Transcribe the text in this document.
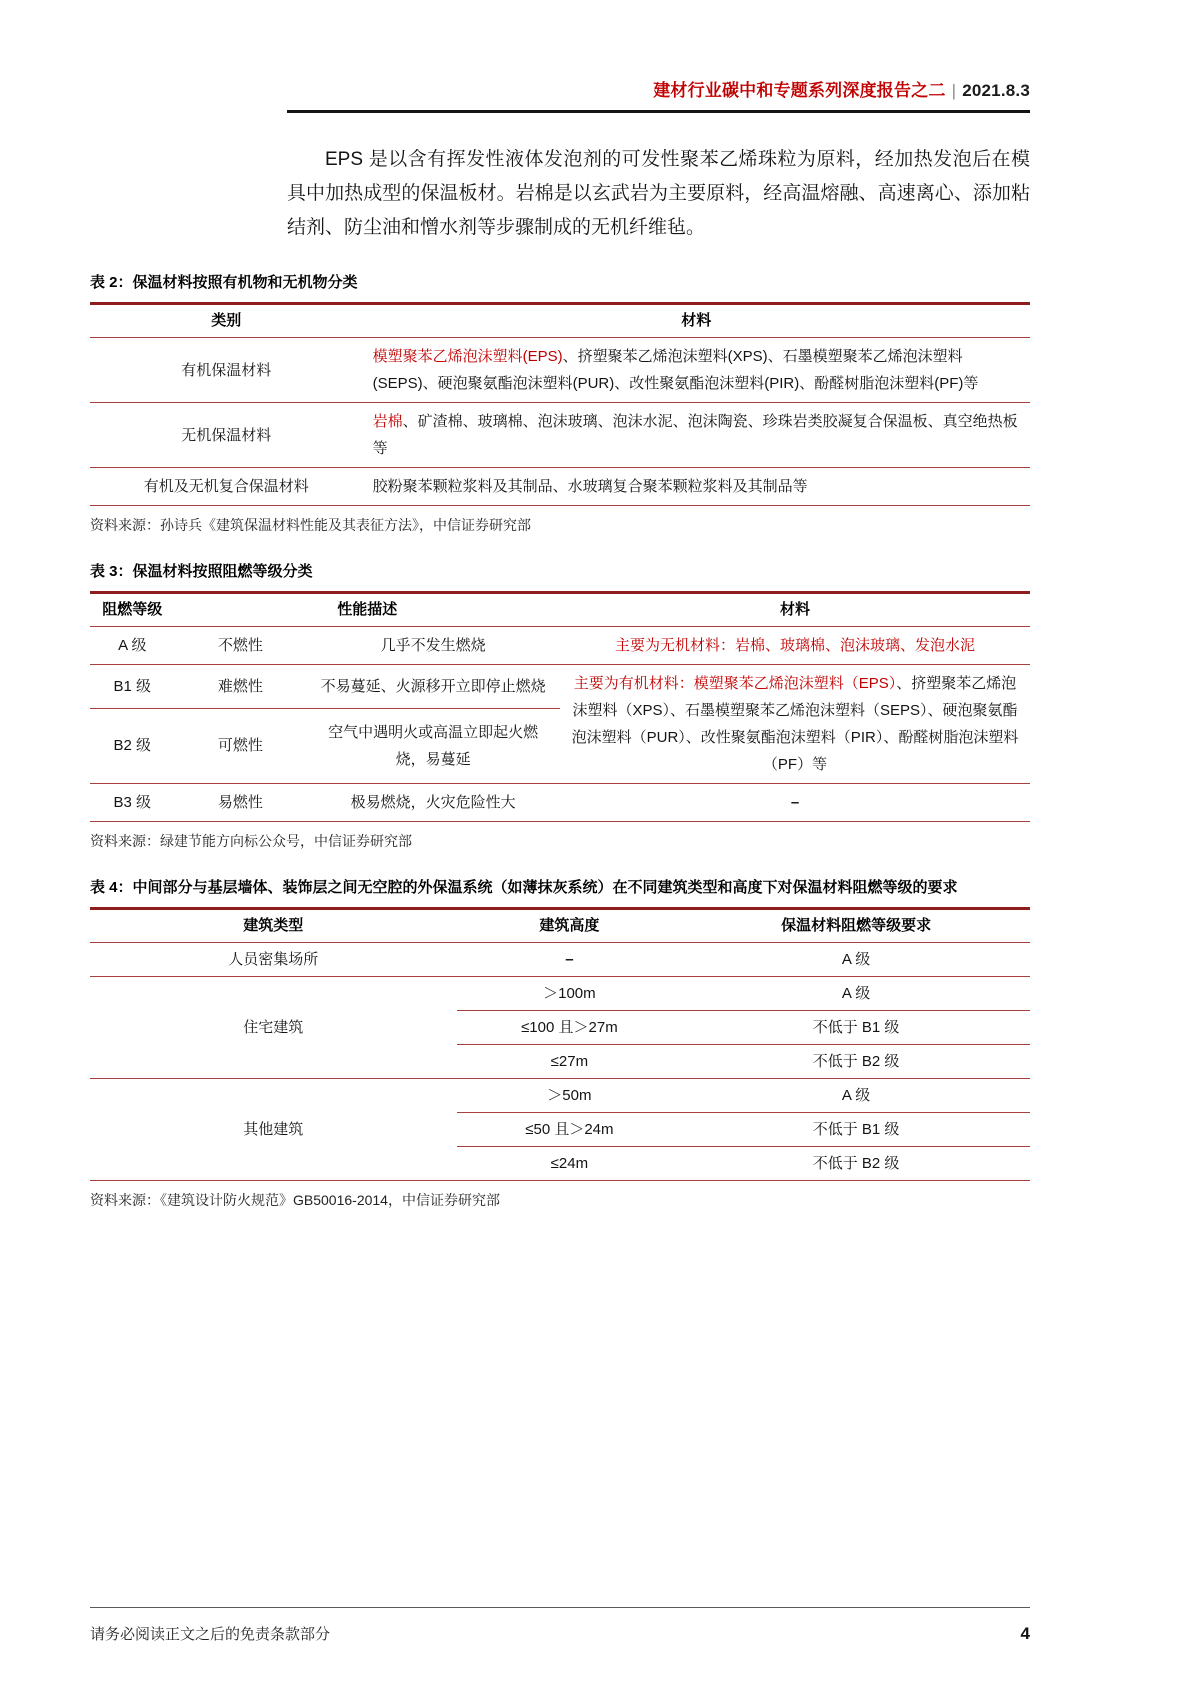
建材行业碳中和专题系列深度报告之二 | 2021.8.3

EPS 是以含有挥发性液体发泡剂的可发性聚苯乙烯珠粒为原料，经加热发泡后在模具中加热成型的保温板材。岩棉是以玄武岩为主要原料，经高温熔融、高速离心、添加粘结剂、防尘油和憎水剂等步骤制成的无机纤维毡。

表 2：保温材料按照有机物和无机物分类
类别	材料
有机保温材料	模塑聚苯乙烯泡沫塑料(EPS)、挤塑聚苯乙烯泡沫塑料(XPS)、石墨模塑聚苯乙烯泡沫塑料(SEPS)、硬泡聚氨酯泡沫塑料(PUR)、改性聚氨酯泡沫塑料(PIR)、酚醛树脂泡沫塑料(PF)等
无机保温材料	岩棉、矿渣棉、玻璃棉、泡沫玻璃、泡沫水泥、泡沫陶瓷、珍珠岩类胶凝复合保温板、真空绝热板等
有机及无机复合保温材料	胶粉聚苯颗粒浆料及其制品、水玻璃复合聚苯颗粒浆料及其制品等
资料来源：孙诗兵《建筑保温材料性能及其表征方法》，中信证券研究部
表 3：保温材料按照阻燃等级分类
阻燃等级	性能描述		材料
A 级	不燃性	几乎不发生燃烧	主要为无机材料：岩棉、玻璃棉、泡沫玻璃、发泡水泥
B1 级	难燃性	不易蔓延、火源移开立即停止燃烧	主要为有机材料：模塑聚苯乙烯泡沫塑料（EPS）、挤塑聚苯乙烯泡沫塑料（XPS）、石墨模塑聚苯乙烯泡沫塑料（SEPS）、硬泡聚氨酯泡沫塑料（PUR）、改性聚氨酯泡沫塑料（PIR）、酚醛树脂泡沫塑料（PF）等
B2 级	可燃性	空气中遇明火或高温立即起火燃烧，易蔓延	
B3 级	易燃性	极易燃烧，火灾危险性大	–
资料来源：绿建节能方向标公众号，中信证券研究部
表 4：中间部分与基层墙体、装饰层之间无空腔的外保温系统（如薄抹灰系统）在不同建筑类型和高度下对保温材料阻燃等级的要求
建筑类型	建筑高度	保温材料阻燃等级要求
人员密集场所	–	A 级
住宅建筑	＞100m	A 级
	≤100 且＞27m	不低于 B1 级
	≤27m	不低于 B2 级
其他建筑	＞50m	A 级
	≤50 且＞24m	不低于 B1 级
	≤24m	不低于 B2 级
资料来源：《建筑设计防火规范》GB50016-2014，中信证券研究部
请务必阅读正文之后的免责条款部分	4
